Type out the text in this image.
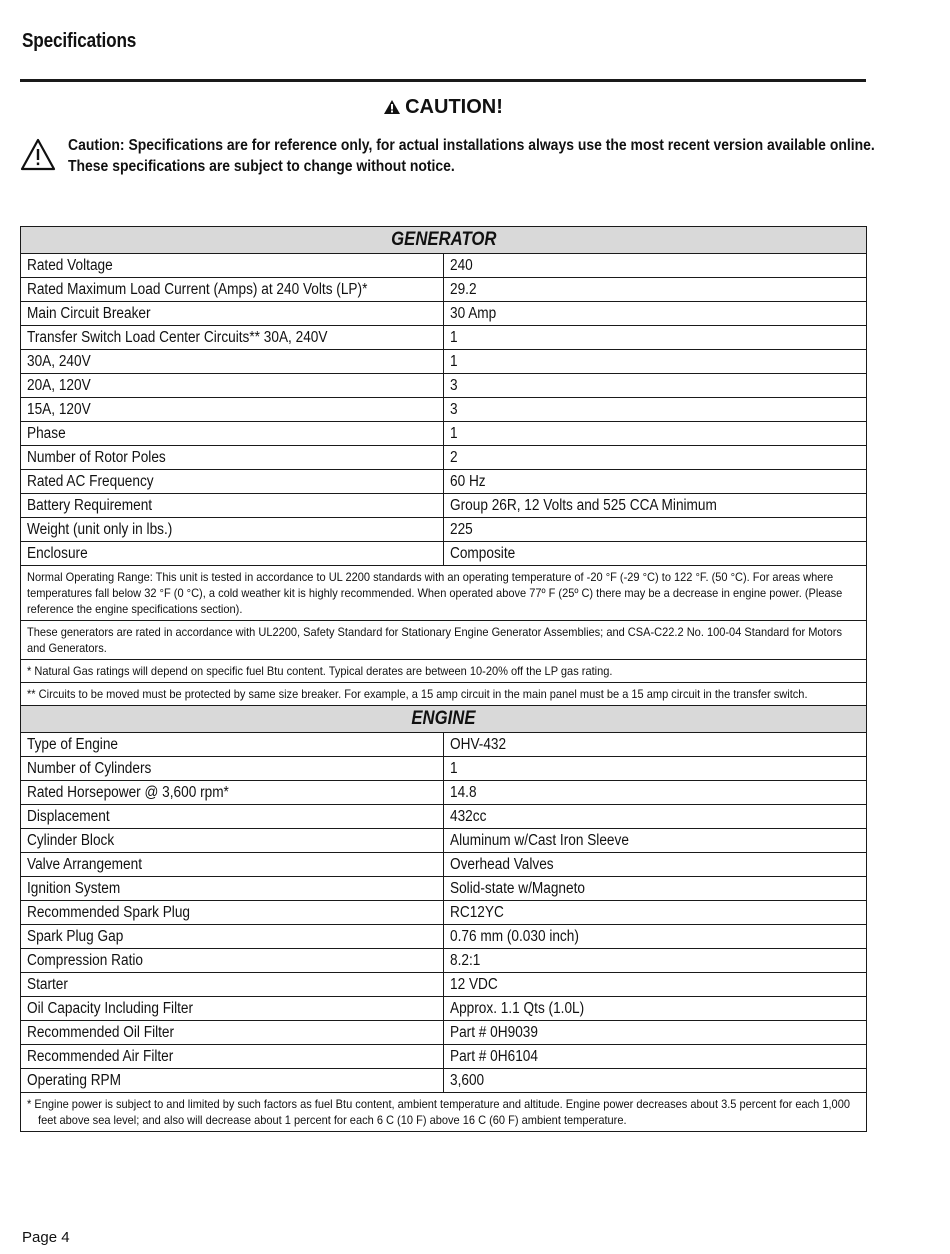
Specifications
CAUTION!
Caution: Specifications are for reference only, for actual installations always use the most recent version available online.
These specifications are subject to change without notice.
GENERATOR	
Rated Voltage	240
Rated Maximum Load Current (Amps) at 240 Volts (LP)*	29.2
Main Circuit Breaker	30 Amp
Transfer Switch Load Center Circuits** 30A, 240V	1
30A, 240V	1
20A, 120V	3
15A, 120V	3
Phase	1
Number of Rotor Poles	2
Rated AC Frequency	60 Hz
Battery Requirement	Group 26R, 12 Volts and 525 CCA Minimum
Weight (unit only in lbs.)	225
Enclosure	Composite

Normal Operating Range: This unit is tested in accordance to UL 2200 standards with an operating temperature of -20 °F (-29 °C) to 122 °F. (50 °C). For areas where temperatures fall below 32 °F (0 °C), a cold weather kit is highly recommended. When operated above 77º F (25º C) there may be a decrease in engine power. (Please reference the engine specifications section).	

These generators are rated in accordance with UL2200, Safety Standard for Stationary Engine Generator Assemblies; and CSA-C22.2 No. 100-04 Standard for Motors and Generators.	

* Natural Gas ratings will depend on specific fuel Btu content. Typical derates are between 10-20% off the LP gas rating.	

** Circuits to be moved must be protected by same size breaker. For example, a 15 amp circuit in the main panel must be a 15 amp circuit in the transfer switch.	

ENGINE	
Type of Engine	OHV-432
Number of Cylinders	1
Rated Horsepower @ 3,600 rpm*	14.8
Displacement	432cc
Cylinder Block	Aluminum w/Cast Iron Sleeve
Valve Arrangement	Overhead Valves
Ignition System	Solid-state w/Magneto
Recommended Spark Plug	RC12YC
Spark Plug Gap	0.76 mm (0.030 inch)
Compression Ratio	8.2:1
Starter	12 VDC
Oil Capacity Including Filter	Approx. 1.1 Qts (1.0L)
Recommended Oil Filter	Part # 0H9039
Recommended Air Filter	Part # 0H6104
Operating RPM	3,600

* Engine power is subject to and limited by such factors as fuel Btu content, ambient temperature and altitude. Engine power decreases about 3.5 percent for each 1,000 feet above sea level; and also will decrease about 1 percent for each 6 C (10 F) above 16 C (60 F) ambient temperature.	
Page 4
